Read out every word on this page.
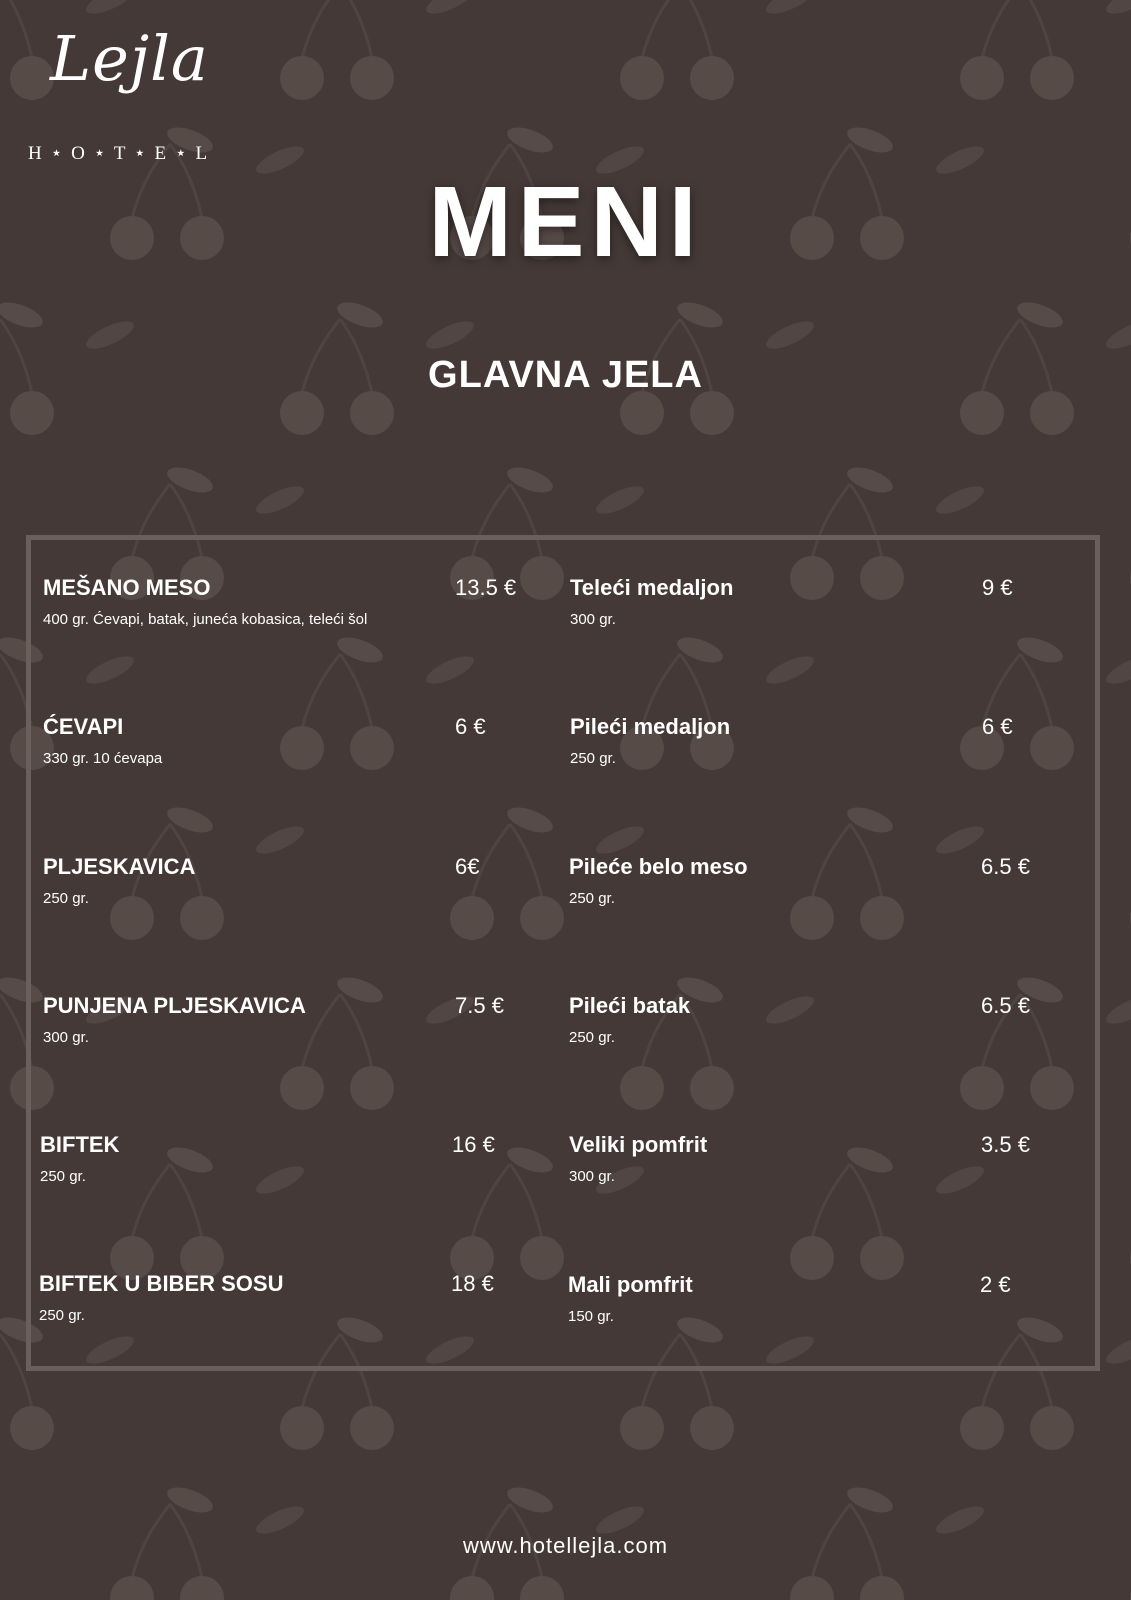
Lejla
H ⋆ O ⋆ T ⋆ E ⋆ L
MENI
GLAVNA JELA
MEŠANO MESO
400 gr. Ćevapi, batak, juneća kobasica, teleći šol
13.5 €
ĆEVAPI
330 gr. 10 ćevapa
6 €
PLJESKAVICA
250 gr.
6€
PUNJENA PLJESKAVICA
300 gr.
7.5 €
BIFTEK
250 gr.
16 €
BIFTEK U BIBER SOSU
250 gr.
18 €
Teleći medaljon
300 gr.
9 €
Pileći medaljon
250 gr.
6 €
Pileće belo meso
250 gr.
6.5 €
Pileći batak
250 gr.
6.5 €
Veliki pomfrit
300 gr.
3.5 €
Mali pomfrit
150 gr.
2 €
www.hotellejla.com
